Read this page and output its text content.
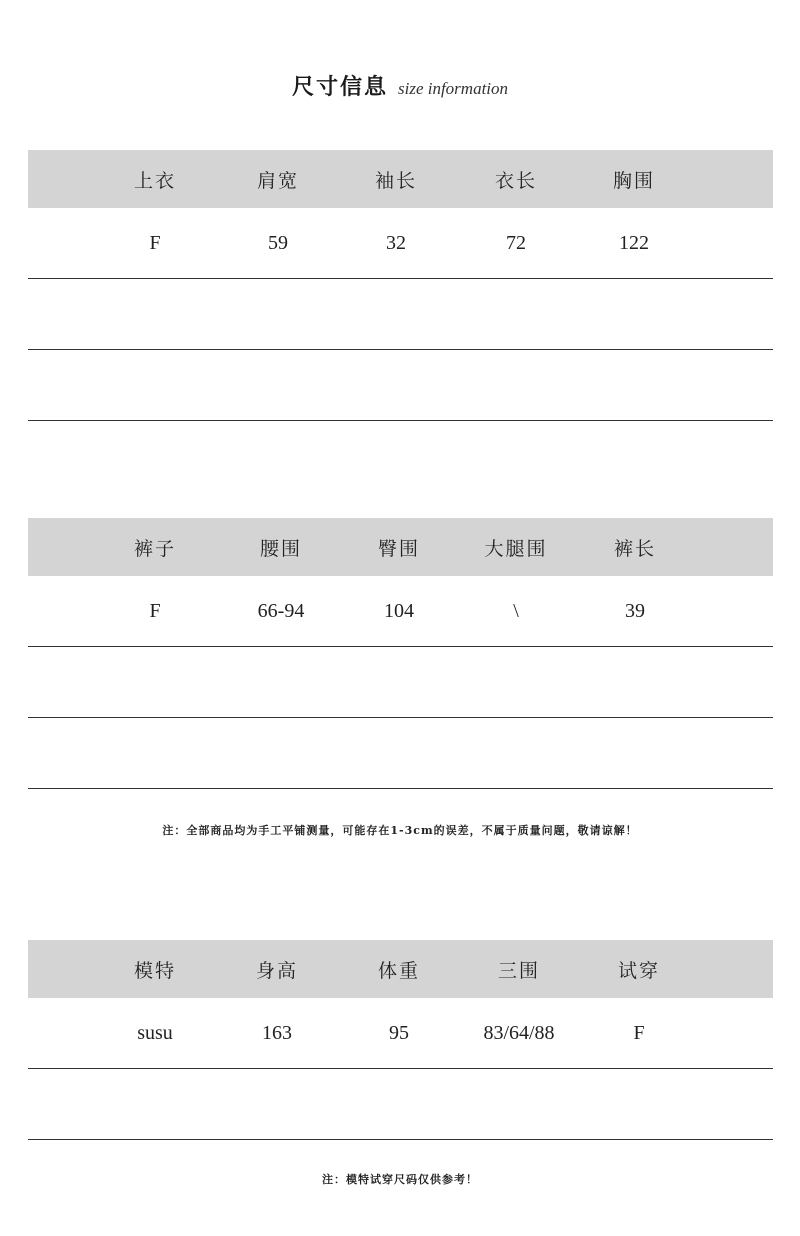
尺寸信息 size information
上衣	肩宽	袖长	衣长	胸围
F	59	32	72	122
裤子	腰围	臀围	大腿围	裤长
F	66-94	104	\	39
注：全部商品均为手工平铺测量，可能存在1-3cm的误差，不属于质量问题，敬请谅解！
模特	身高	体重	三围	试穿
susu	163	95	83/64/88	F
注：模特试穿尺码仅供参考！
